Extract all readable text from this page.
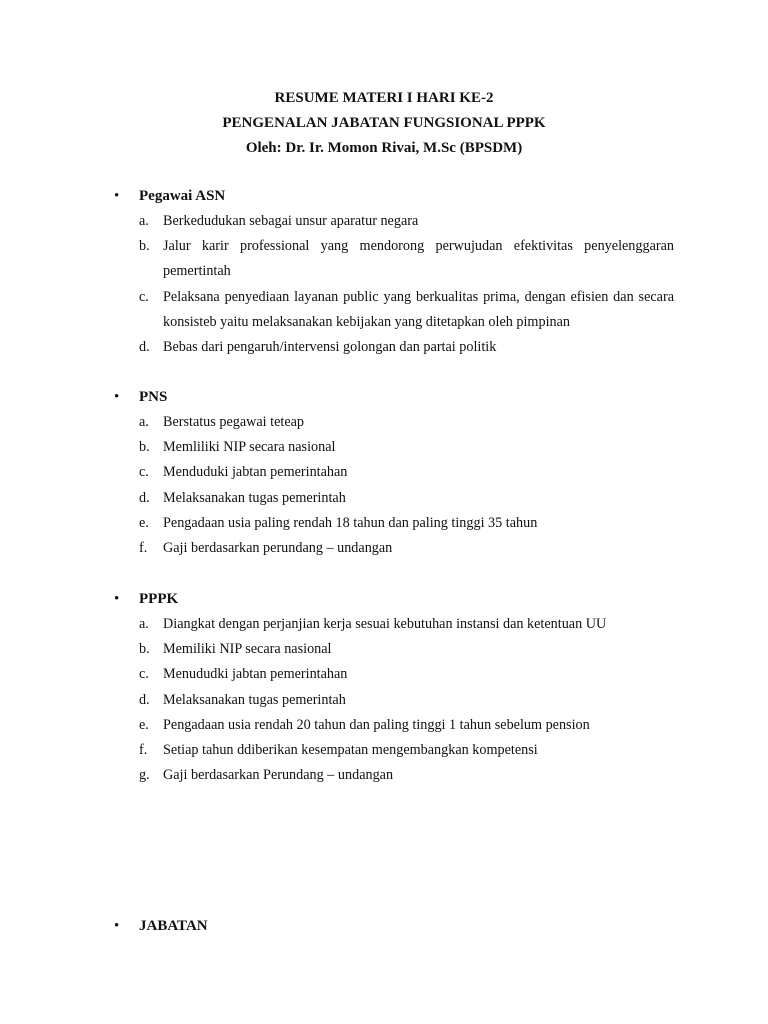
RESUME MATERI I HARI KE-2
PENGENALAN JABATAN FUNGSIONAL PPPK
Oleh: Dr. Ir. Momon Rivai, M.Sc (BPSDM)
• Pegawai ASN
a. Berkedudukan sebagai unsur aparatur negara
b. Jalur karir professional yang mendorong perwujudan efektivitas penyelenggaran pemertintah
c. Pelaksana penyediaan layanan public yang berkualitas prima, dengan efisien dan secara konsisteb yaitu melaksanakan kebijakan yang ditetapkan oleh pimpinan
d. Bebas dari pengaruh/intervensi golongan dan partai politik
• PNS
a. Berstatus pegawai teteap
b. Memliliki NIP secara nasional
c. Menduduki jabtan pemerintahan
d. Melaksanakan tugas pemerintah
e. Pengadaan usia paling rendah 18 tahun dan paling tinggi 35 tahun
f. Gaji berdasarkan perundang – undangan
• PPPK
a. Diangkat dengan perjanjian kerja sesuai kebutuhan instansi dan ketentuan UU
b. Memiliki NIP secara nasional
c. Menududki jabtan pemerintahan
d. Melaksanakan tugas pemerintah
e. Pengadaan usia rendah 20 tahun dan paling tinggi 1 tahun sebelum pension
f. Setiap tahun ddiberikan kesempatan mengembangkan kompetensi
g. Gaji berdasarkan Perundang – undangan
• JABATAN
